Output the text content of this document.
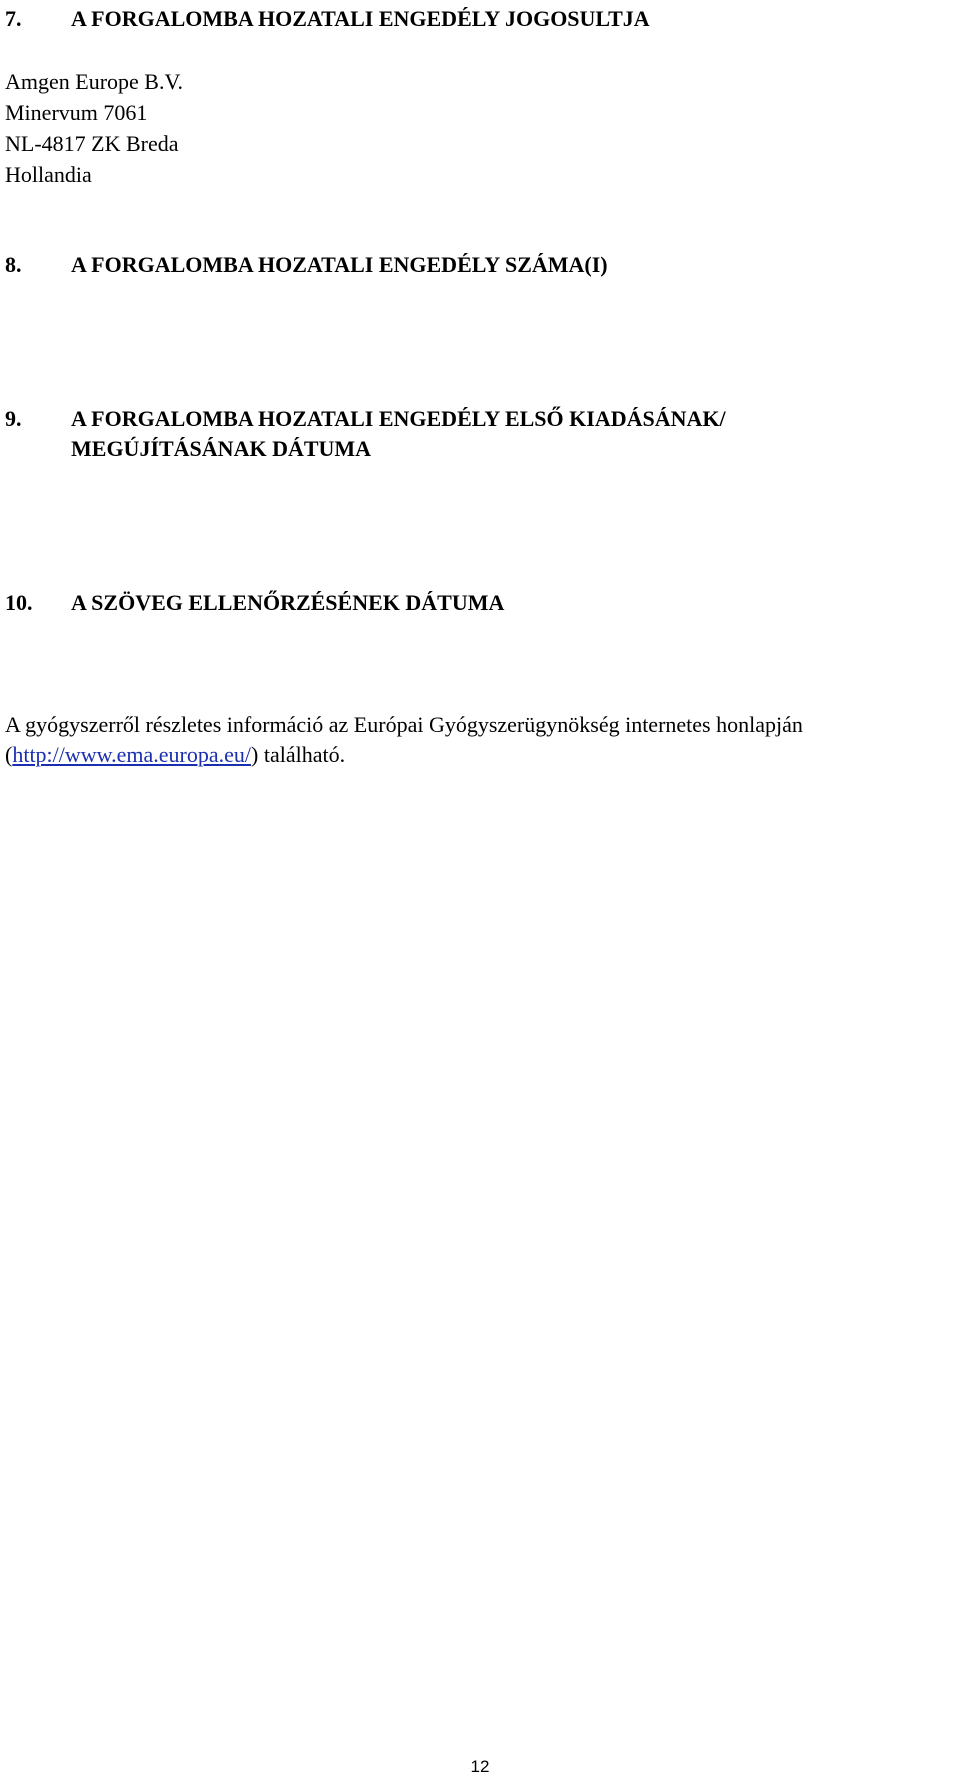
7. A FORGALOMBA HOZATALI ENGEDÉLY JOGOSULTJA
Amgen Europe B.V.
Minervum 7061
NL-4817 ZK Breda
Hollandia
8. A FORGALOMBA HOZATALI ENGEDÉLY SZÁMA(I)
9. A FORGALOMBA HOZATALI ENGEDÉLY ELSŐ KIADÁSÁNAK/
MEGÚJÍTÁSÁNAK DÁTUMA
10. A SZÖVEG ELLENŐRZÉSÉNEK DÁTUMA
A gyógyszerről részletes információ az Európai Gyógyszerügynökség internetes honlapján
(http://www.ema.europa.eu/) található.
12
